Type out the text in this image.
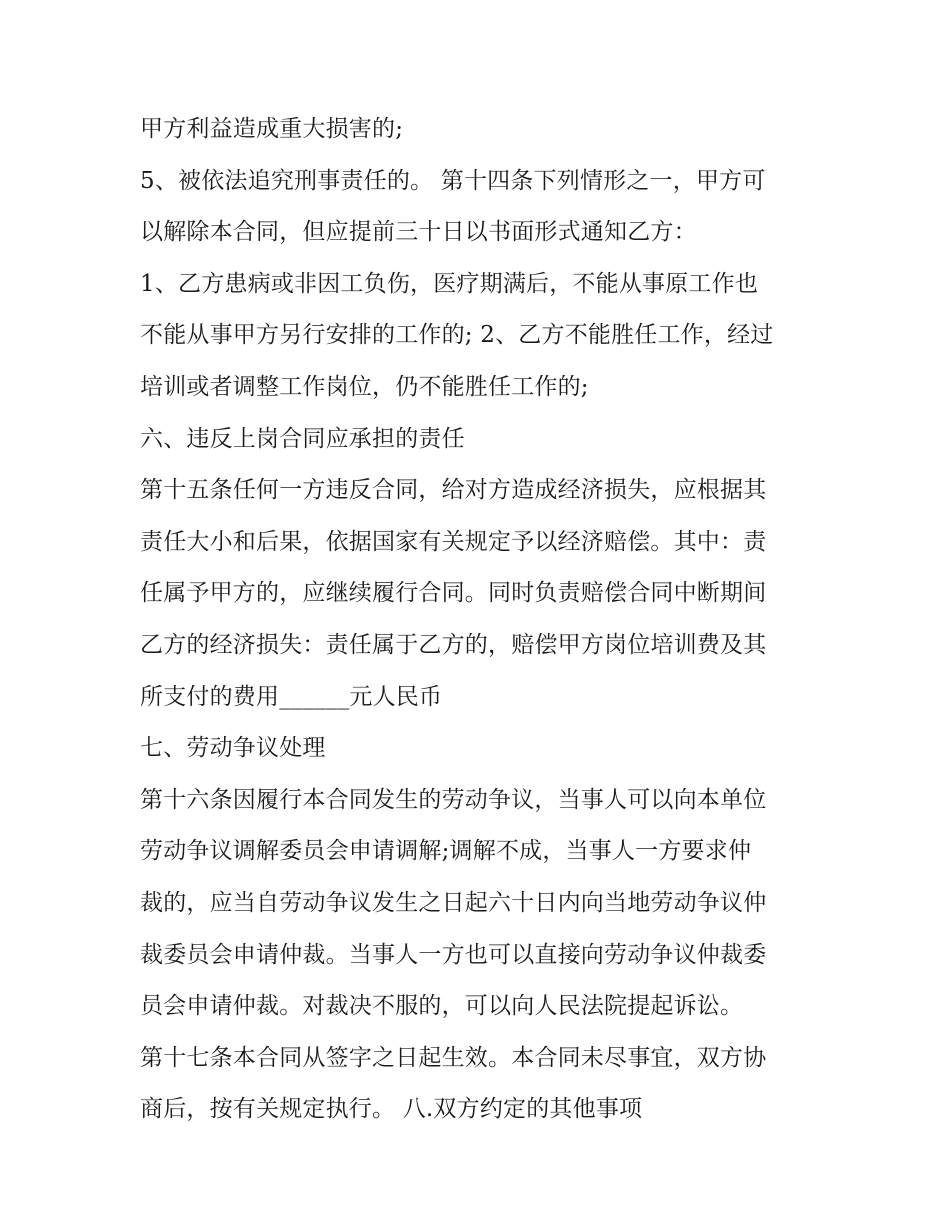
甲方利益造成重大损害的;
5、被依法追究刑事责任的。 第十四条下列情形之一，甲方可
以解除本合同，但应提前三十日以书面形式通知乙方：
1、乙方患病或非因工负伤，医疗期满后，不能从事原工作也
不能从事甲方另行安排的工作的; 2、乙方不能胜任工作，经过
培训或者调整工作岗位，仍不能胜任工作的;
六、违反上岗合同应承担的责任
第十五条任何一方违反合同，给对方造成经济损失，应根据其
责任大小和后果，依据国家有关规定予以经济赔偿。其中：责
任属予甲方的，应继续履行合同。同时负责赔偿合同中断期间
乙方的经济损失：责任属于乙方的，赔偿甲方岗位培训费及其
所支付的费用______元人民币
七、劳动争议处理
第十六条因履行本合同发生的劳动争议，当事人可以向本单位
劳动争议调解委员会申请调解;调解不成，当事人一方要求仲
裁的，应当自劳动争议发生之日起六十日内向当地劳动争议仲
裁委员会申请仲裁。当事人一方也可以直接向劳动争议仲裁委
员会申请仲裁。对裁决不服的，可以向人民法院提起诉讼。
第十七条本合同从签字之日起生效。本合同未尽事宜，双方协
商后，按有关规定执行。 八.双方约定的其他事项
